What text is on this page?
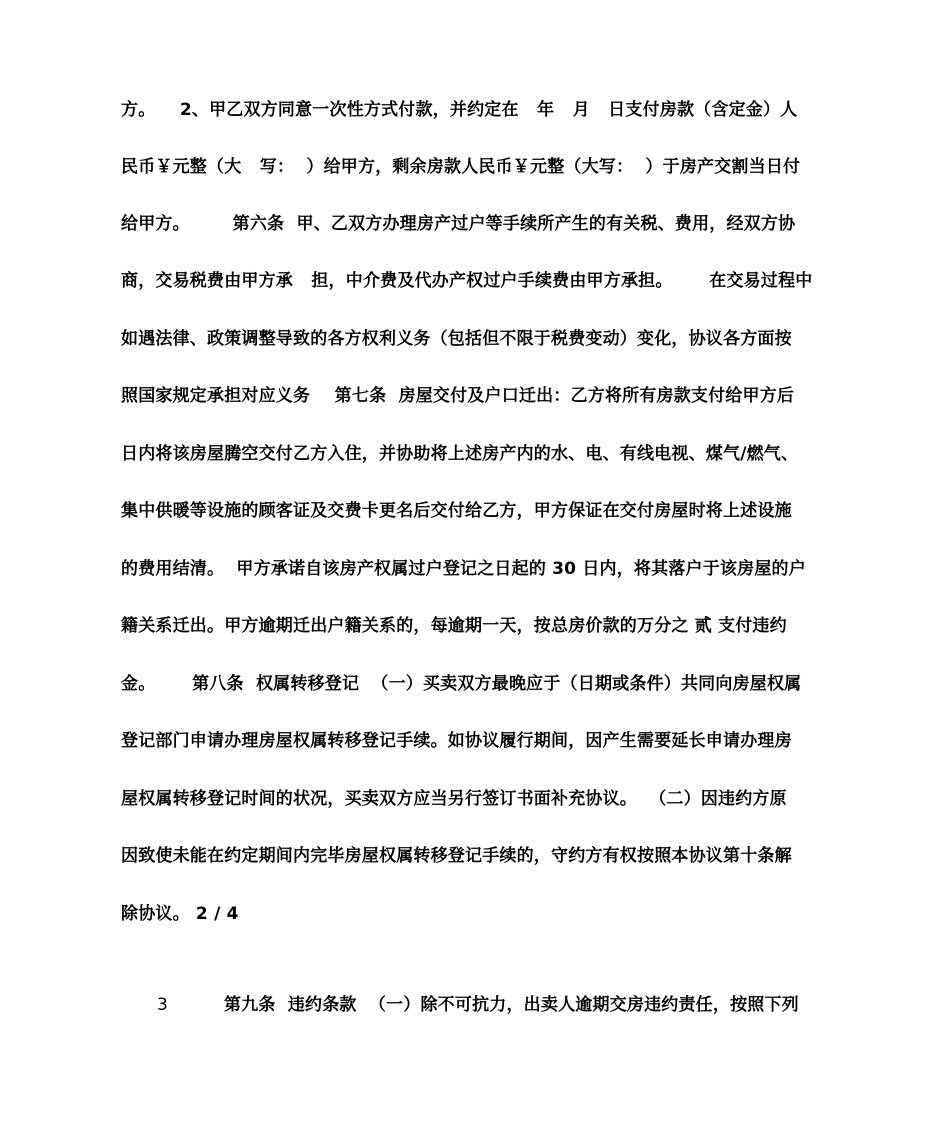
方。    2、甲乙双方同意一次性方式付款，并约定在   年   月   日支付房款（含定金）人
民币￥元整（大   写：  ）给甲方，剩余房款人民币￥元整（大写：  ）于房产交割当日付
给甲方。       第六条  甲、乙双方办理房产过户等手续所产生的有关税、费用，经双方协
商，交易税费由甲方承   担，中介费及代办产权过户手续费由甲方承担。      在交易过程中
如遇法律、政策调整导致的各方权利义务（包括但不限于税费变动）变化，协议各方面按
照国家规定承担对应义务    第七条  房屋交付及户口迁出：乙方将所有房款支付给甲方后
日内将该房屋腾空交付乙方入住，并协助将上述房产内的水、电、有线电视、煤气/燃气、
集中供暖等设施的顾客证及交费卡更名后交付给乙方，甲方保证在交付房屋时将上述设施
的费用结清。  甲方承诺自该房产权属过户登记之日起的 30 日内，将其落户于该房屋的户
籍关系迁出。甲方逾期迁出户籍关系的，每逾期一天，按总房价款的万分之 贰 支付违约
金。      第八条  权属转移登记  （一）买卖双方最晚应于（日期或条件）共同向房屋权属
登记部门申请办理房屋权属转移登记手续。如协议履行期间，因产生需要延长申请办理房
屋权属转移登记时间的状况，买卖双方应当另行签订书面补充协议。  （二）因违约方原
因致使未能在约定期间内完毕房屋权属转移登记手续的，守约方有权按照本协议第十条解
除协议。 2 / 4
3	第九条  违约条款  （一）除不可抗力，出卖人逾期交房违约责任，按照下列
